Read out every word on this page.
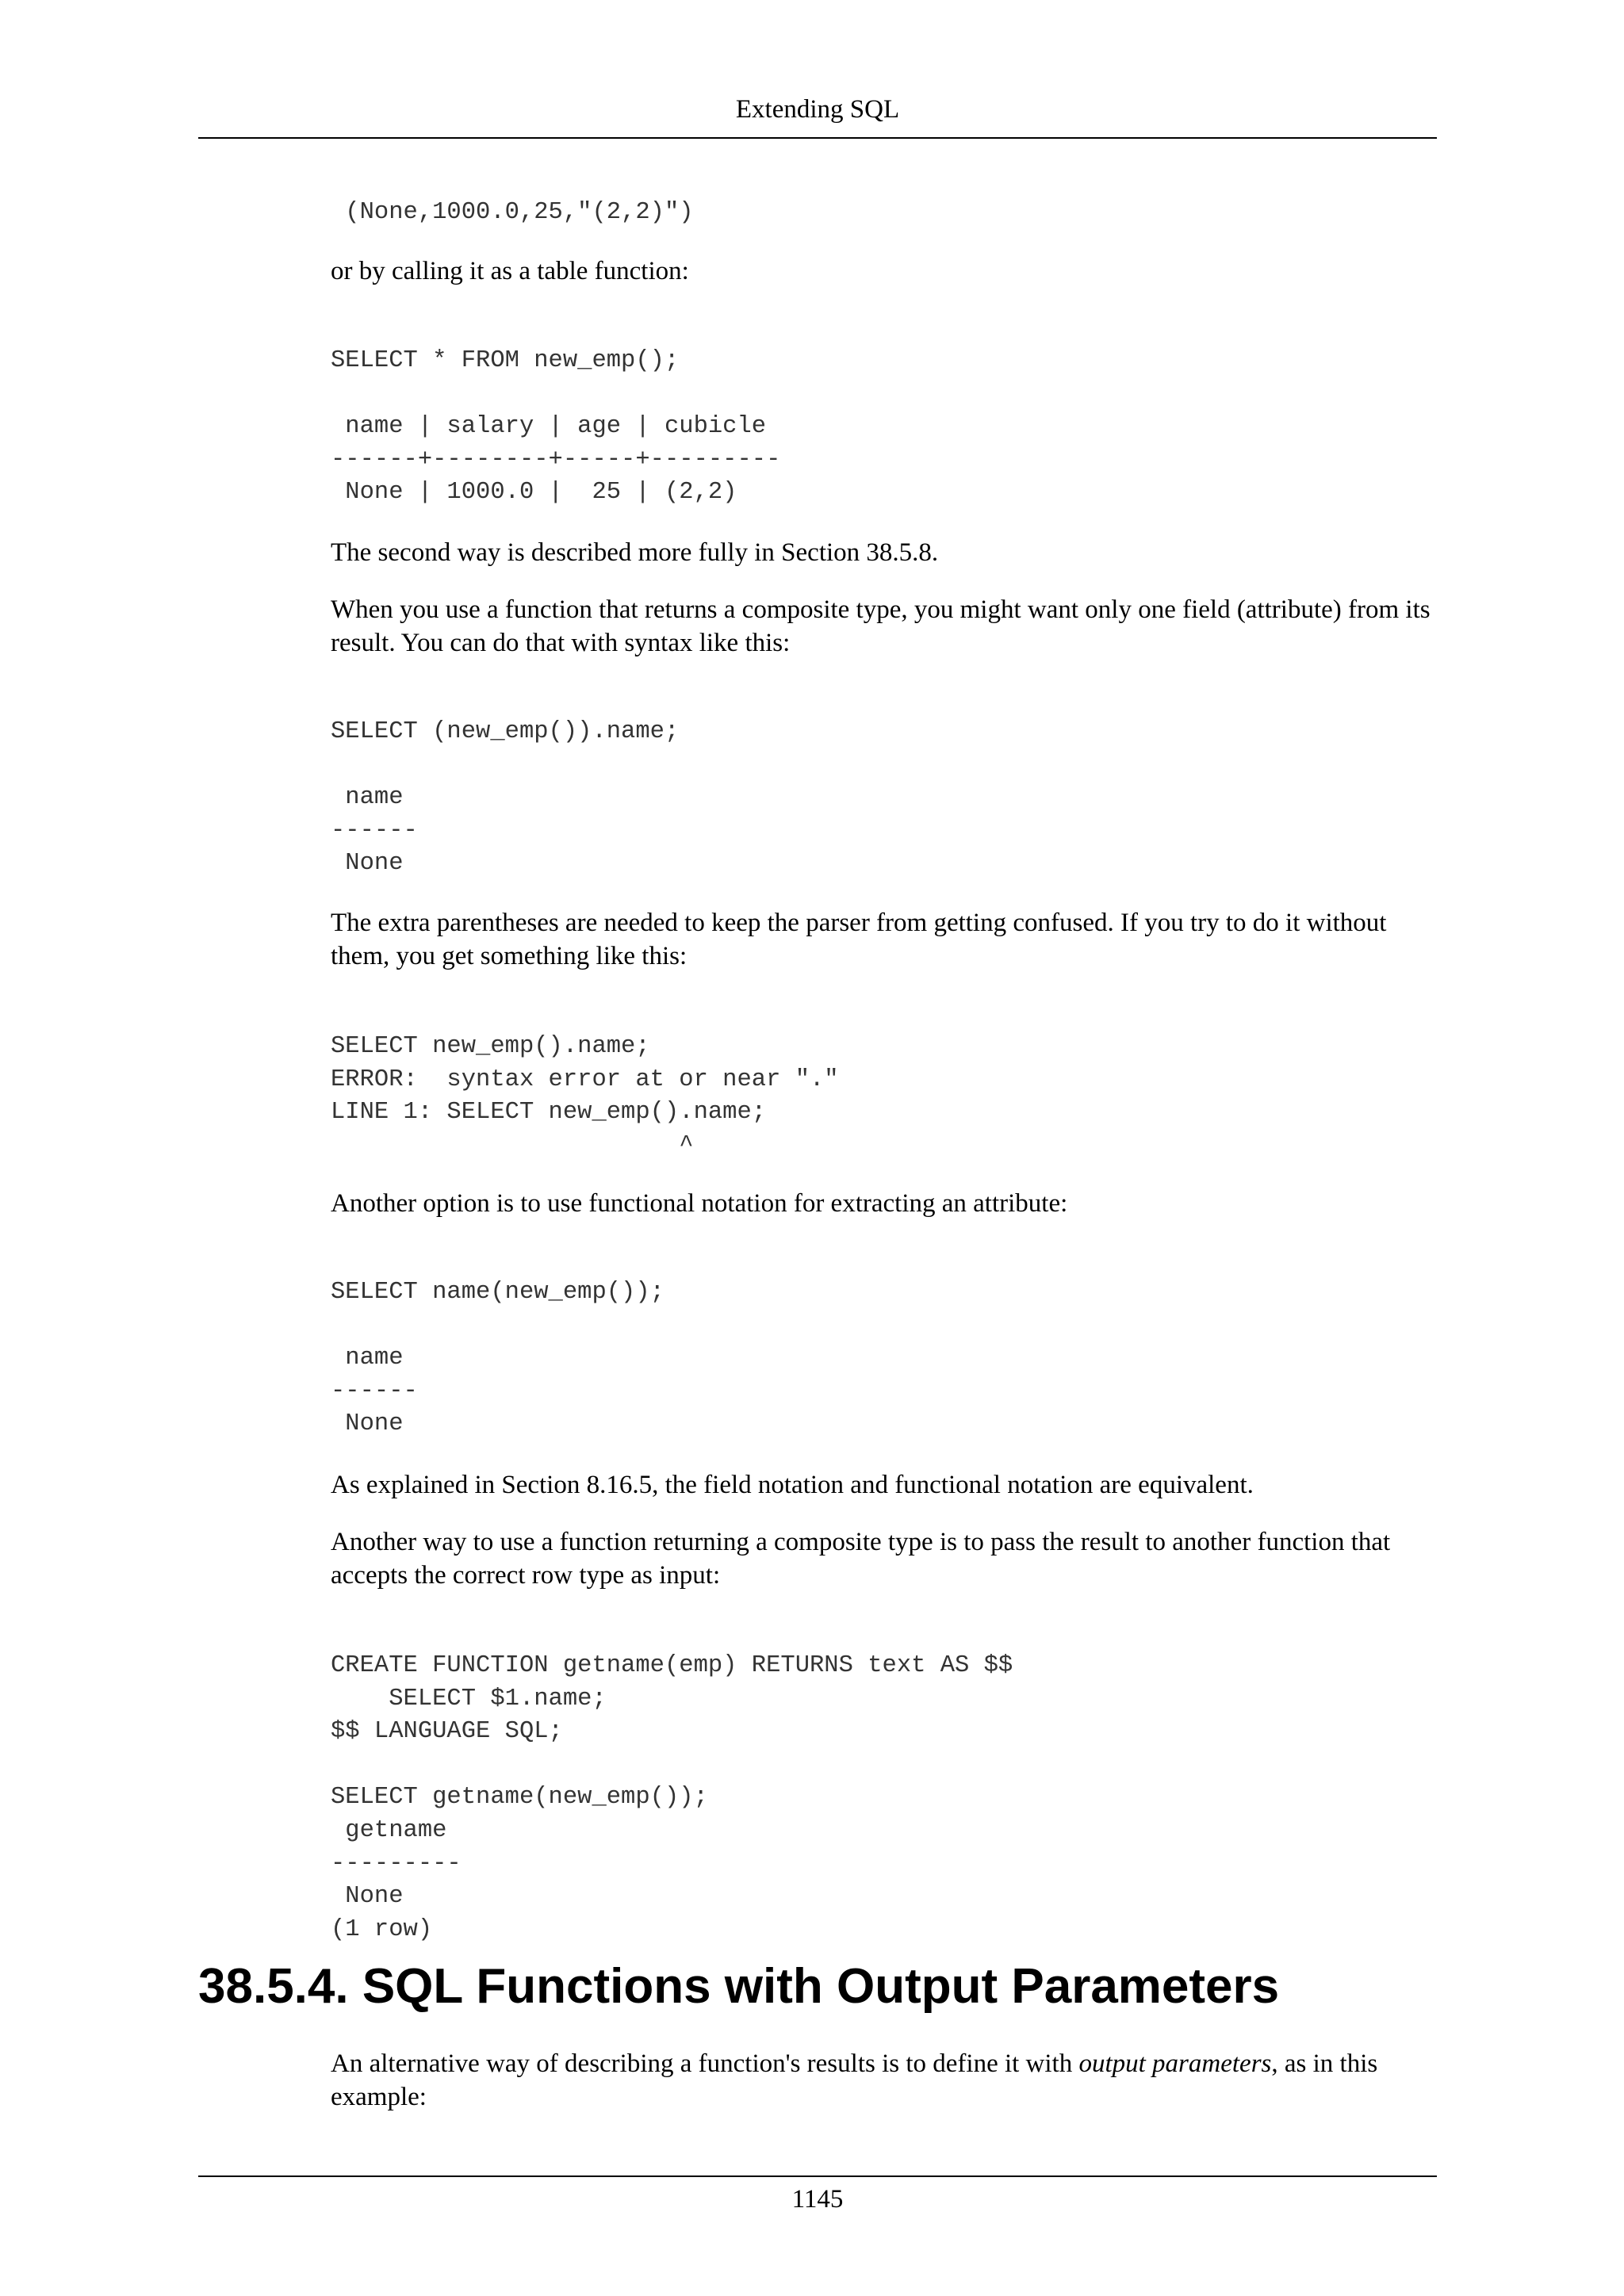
Extending SQL
(None,1000.0,25,"(2,2)")

or by calling it as a table function:

SELECT * FROM new_emp();

name | salary | age | cubicle
------+--------+-----+---------
None | 1000.0 |  25 | (2,2)

The second way is described more fully in Section 38.5.8.

When you use a function that returns a composite type, you might want only one field (attribute) from its result. You can do that with syntax like this:

SELECT (new_emp()).name;

name
------
None

The extra parentheses are needed to keep the parser from getting confused. If you try to do it without them, you get something like this:

SELECT new_emp().name;
ERROR:  syntax error at or near "."
LINE 1: SELECT new_emp().name;
^

Another option is to use functional notation for extracting an attribute:

SELECT name(new_emp());

name
------
None

As explained in Section 8.16.5, the field notation and functional notation are equivalent.

Another way to use a function returning a composite type is to pass the result to another function that accepts the correct row type as input:

CREATE FUNCTION getname(emp) RETURNS text AS $$
SELECT $1.name;
$$ LANGUAGE SQL;

SELECT getname(new_emp());
getname
---------
None
(1 row)
38.5.4. SQL Functions with Output Parameters

An alternative way of describing a function's results is to define it with output parameters, as in this example:

1145
